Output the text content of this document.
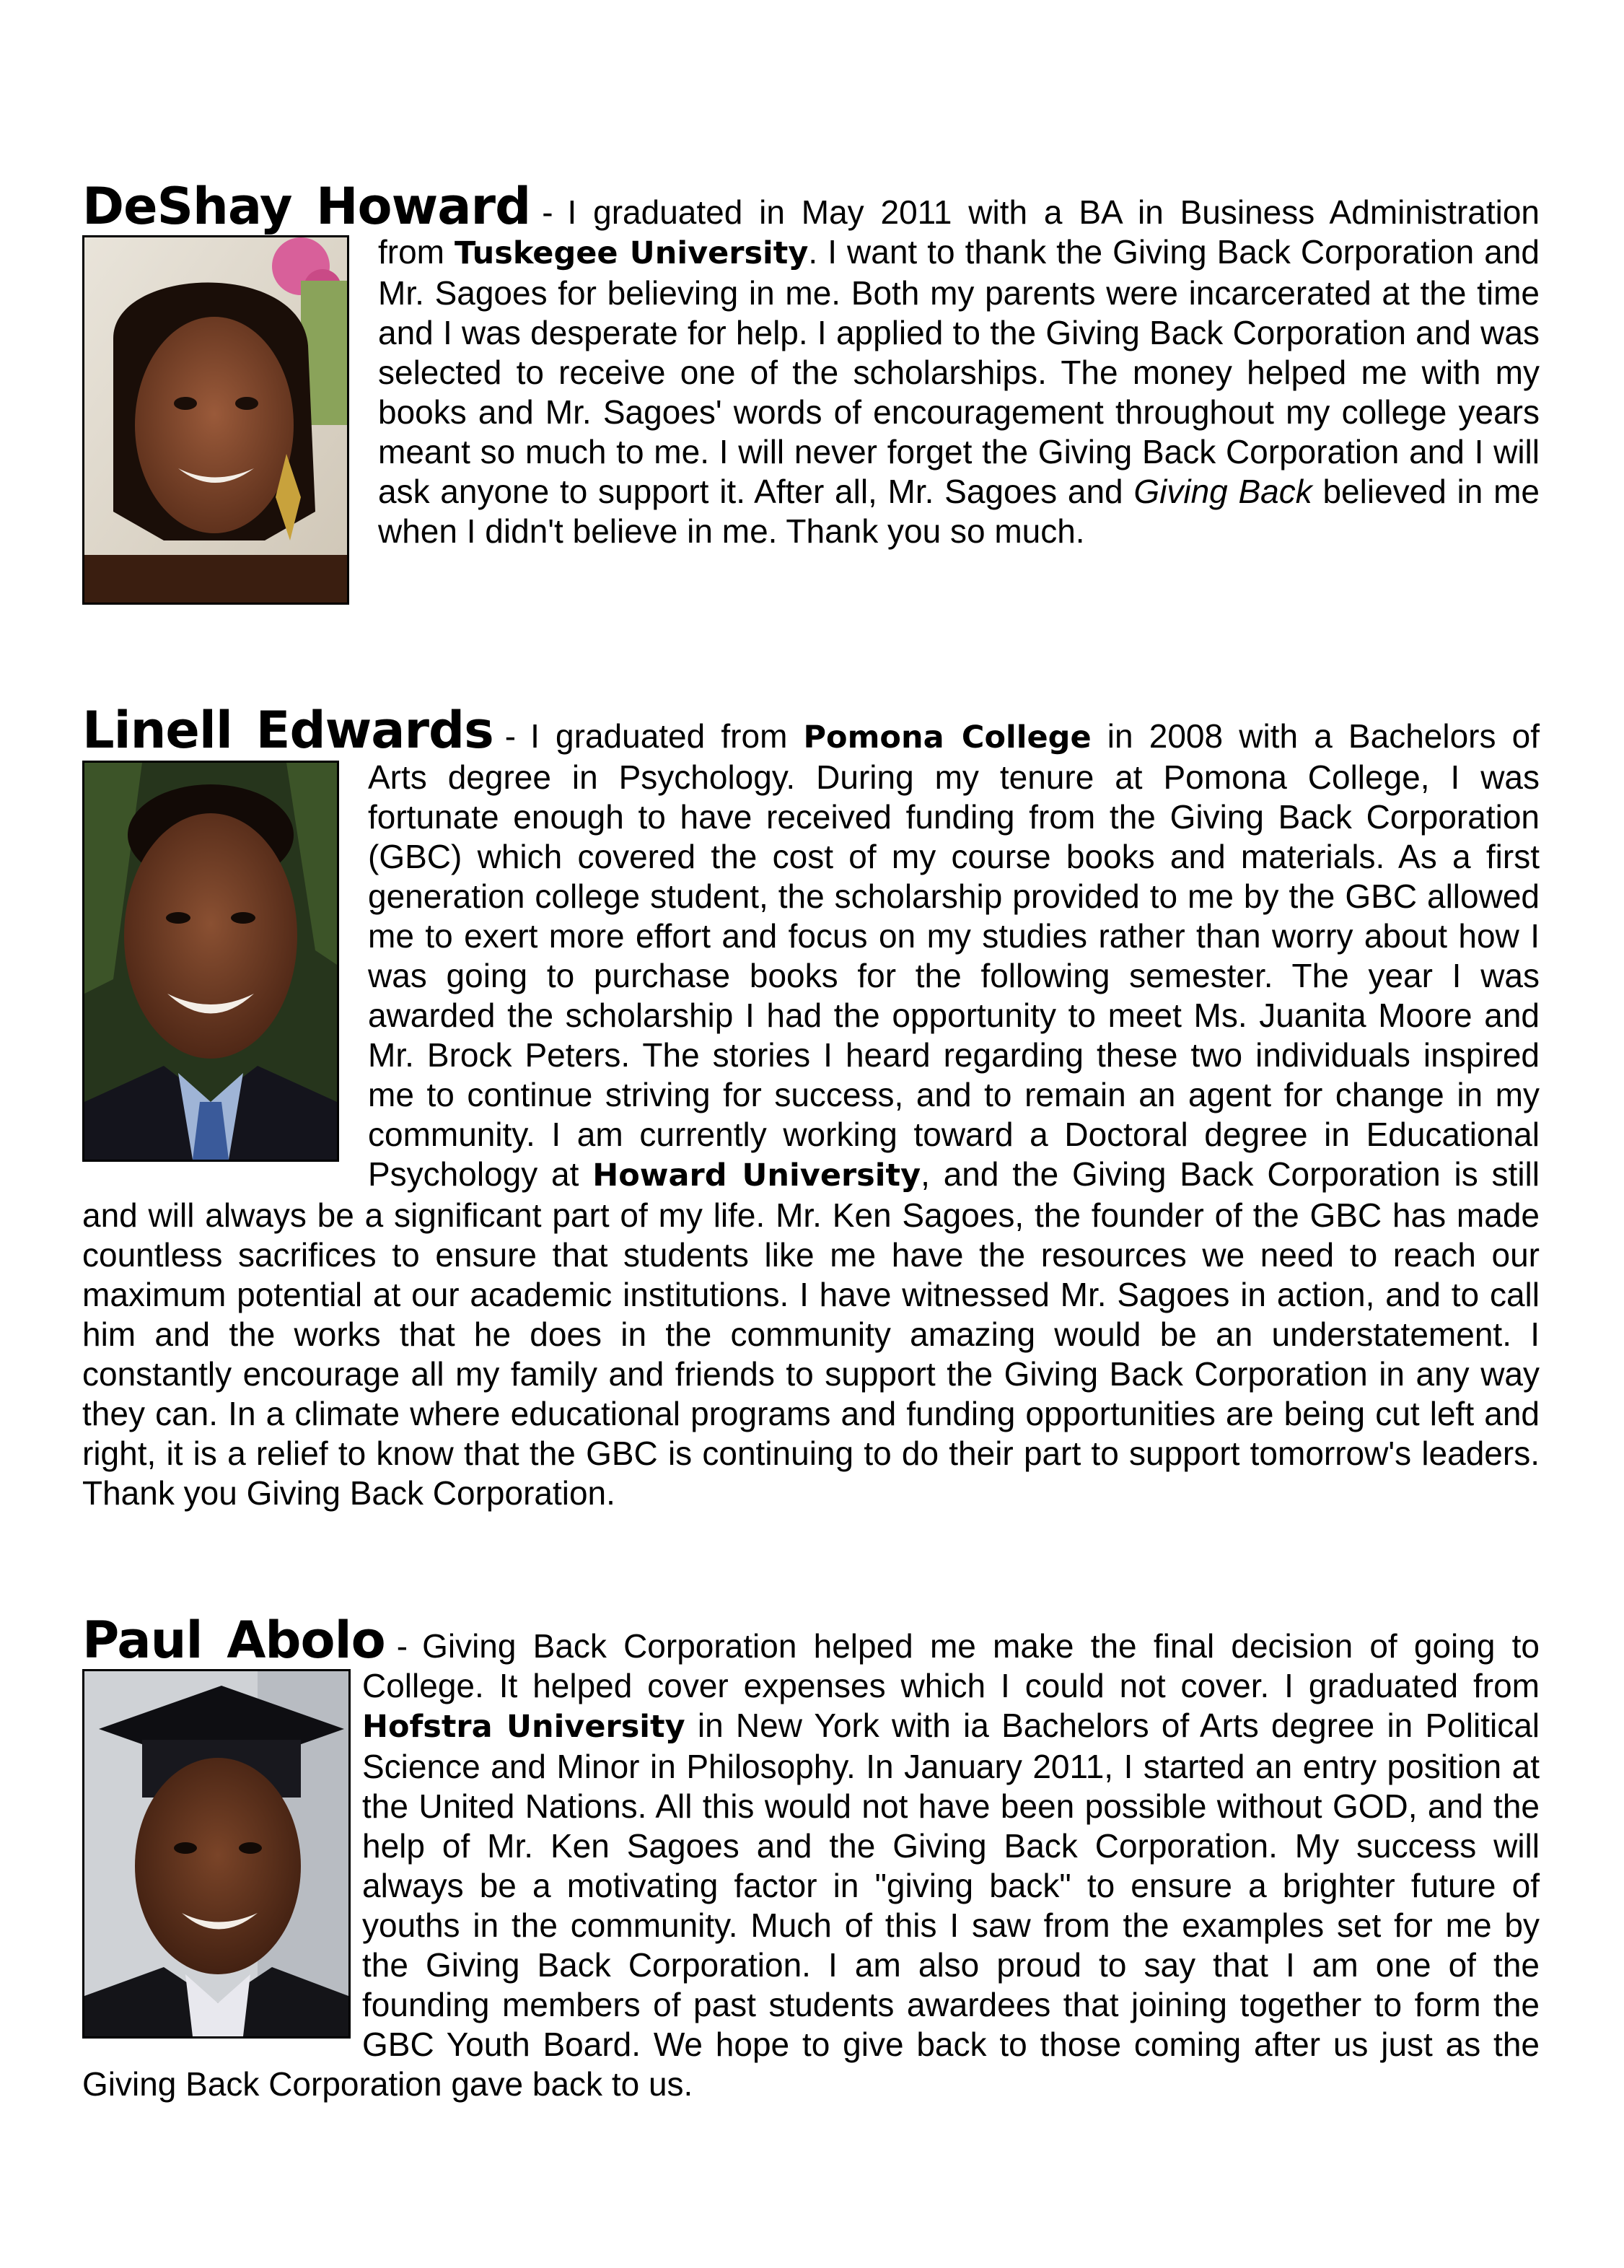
DeShay Howard - I graduated in May 2011 with a BA in Business Administration
from Tuskegee University. I want to thank the Giving Back Corporation and Mr. Sagoes for believing in me. Both my parents were incarcerated at the time and I was desperate for help. I applied to the Giving Back Corporation and was selected to receive one of the scholarships. The money helped me with my books and Mr. Sagoes' words of encouragement throughout my college years meant so much to me. I will never forget the Giving Back Corporation and I will ask anyone to support it. After all, Mr. Sagoes and Giving Back believed in me when I didn't believe in me. Thank you so much.
Linell Edwards - I graduated from Pomona College in 2008 with a Bachelors of
Arts degree in Psychology. During my tenure at Pomona College, I was fortunate enough to have received funding from the Giving Back Corporation (GBC) which covered the cost of my course books and materials. As a first generation college student, the scholarship provided to me by the GBC allowed me to exert more effort and focus on my studies rather than worry about how I was going to purchase books for the following semester. The year I was awarded the scholarship I had the opportunity to meet Ms. Juanita Moore and Mr. Brock Peters. The stories I heard regarding these two individuals inspired me to continue striving for success, and to remain an agent for change in my community. I am currently working toward a Doctoral degree in Educational Psychology at Howard University, and the Giving Back Corporation is still and will always be a significant part of my life. Mr. Ken Sagoes, the founder of the GBC has made countless sacrifices to ensure that students like me have the resources we need to reach our maximum potential at our academic institutions. I have witnessed Mr. Sagoes in action, and to call him and the works that he does in the community amazing would be an understatement. I constantly encourage all my family and friends to support the Giving Back Corporation in any way they can. In a climate where educational programs and funding opportunities are being cut left and right, it is a relief to know that the GBC is continuing to do their part to support tomorrow's leaders. Thank you Giving Back Corporation.
Paul Abolo - Giving Back Corporation helped me make the final decision of going to
College. It helped cover expenses which I could not cover. I graduated from Hofstra University in New York with ia Bachelors of Arts degree in Political Science and Minor in Philosophy. In January 2011, I started an entry position at the United Nations. All this would not have been possible without GOD, and the help of Mr. Ken Sagoes and the Giving Back Corporation. My success will always be a motivating factor in "giving back" to ensure a brighter future of youths in the community. Much of this I saw from the examples set for me by the Giving Back Corporation. I am also proud to say that I am one of the founding members of past students awardees that joining together to form the GBC Youth Board. We hope to give back to those coming after us just as the Giving Back Corporation gave back to us.
